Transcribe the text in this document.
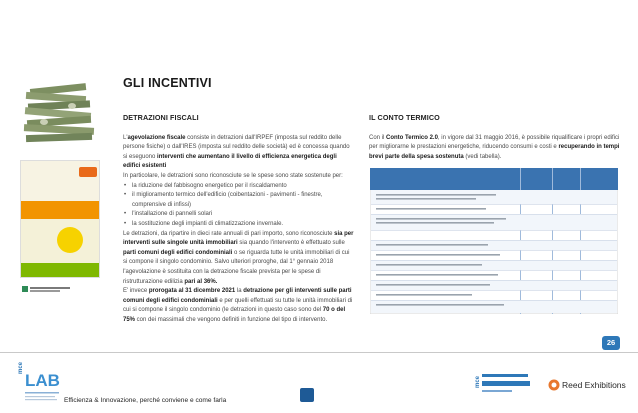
GLI INCENTIVI
DETRAZIONI FISCALI

L'agevolazione fiscale consiste in detrazioni dall'IRPEF (imposta sul reddito delle persone fisiche) o dall'IRES (imposta sul reddito delle società) ed è concessa quando si eseguono interventi che aumentano il livello di efficienza energetica degli edifici esistenti

In particolare, le detrazioni sono riconosciute se le spese sono state sostenute per:

• la riduzione del fabbisogno energetico per il riscaldamento
• il miglioramento termico dell'edificio (coibentazioni - pavimenti - finestre, comprensive di infissi)
• l'installazione di pannelli solari
• la sostituzione degli impianti di climatizzazione invernale.

Le detrazioni, da ripartire in dieci rate annuali di pari importo, sono riconosciute sia per interventi sulle singole unità immobiliari sia quando l'intervento è effettuato sulle parti comuni degli edifici condominiali o se riguarda tutte le unità immobiliari di cui si compone il singolo condominio. Salvo ulteriori proroghe, dal 1° gennaio 2018 l'agevolazione è sostituita con la detrazione fiscale prevista per le spese di ristrutturazione edilizia pari al 36%.

E' invece prorogata al 31 dicembre 2021 la detrazione per gli interventi sulle parti comuni degli edifici condominiali e per quelli effettuati su tutte le unità immobiliari di cui si compone il singolo condominio (le detrazioni in questo caso sono del 70 o del 75% con dei massimali che vengono definiti in funzione del tipo di intervento.

IL CONTO TERMICO

Con il Conto Termico 2.0, in vigore dal 31 maggio 2016, è possibile riqualificare i propri edifici per migliorarne le prestazioni energetiche, riducendo consumi e costi e recuperando in tempi brevi parte della spesa sostenuta (vedi tabella).

26
mce
LAB
Efficienza & Innovazione, perché conviene e come farla
mce	Reed Exhibitions
